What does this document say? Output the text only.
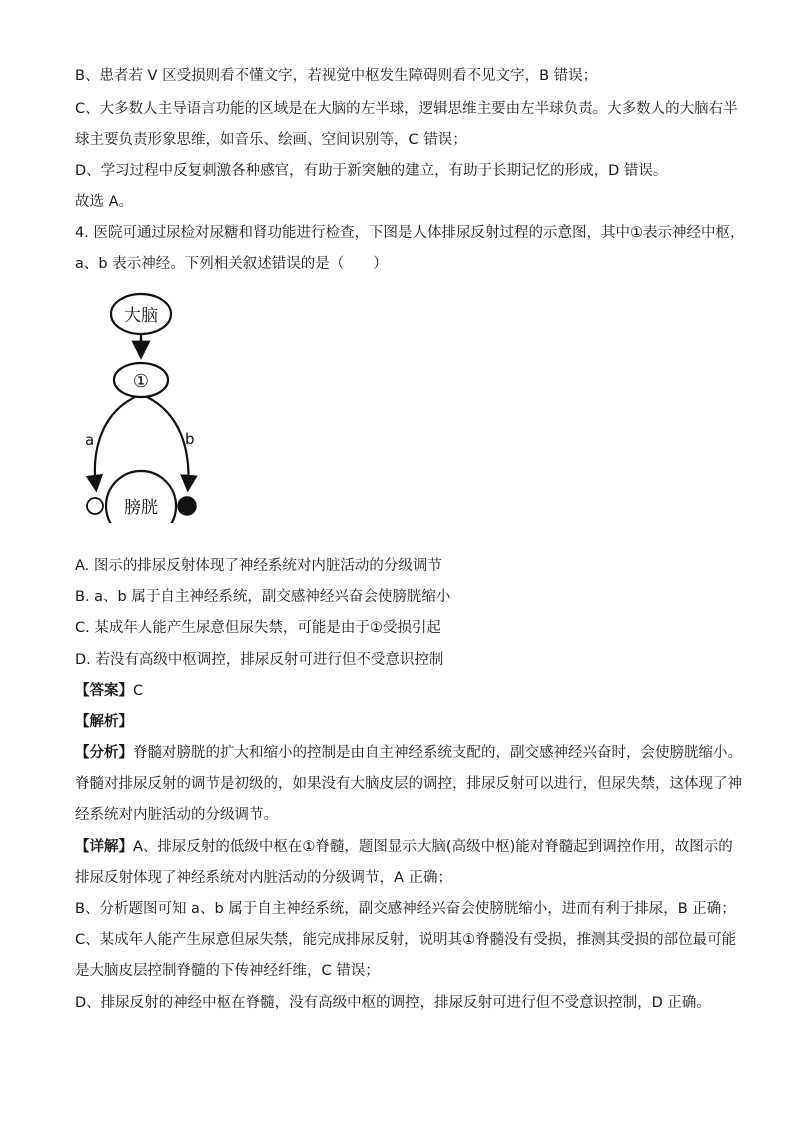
B、患者若 V 区受损则看不懂文字，若视觉中枢发生障碍则看不见文字，B 错误；
C、大多数人主导语言功能的区域是在大脑的左半球，逻辑思维主要由左半球负责。大多数人的大脑右半
球主要负责形象思维，如音乐、绘画、空间识别等，C 错误；
D、学习过程中反复刺激各种感官，有助于新突触的建立，有助于长期记忆的形成，D 错误。
故选 A。
4. 医院可通过尿检对尿糖和肾功能进行检查，下图是人体排尿反射过程的示意图，其中①表示神经中枢，
a、b 表示神经。下列相关叙述错误的是（　　）
大脑
①
a	b
膀胱
A. 图示的排尿反射体现了神经系统对内脏活动的分级调节
B. a、b 属于自主神经系统，副交感神经兴奋会使膀胱缩小
C. 某成年人能产生尿意但尿失禁，可能是由于①受损引起
D. 若没有高级中枢调控，排尿反射可进行但不受意识控制
【答案】C
【解析】
【分析】脊髓对膀胱的扩大和缩小的控制是由自主神经系统支配的，副交感神经兴奋时，会使膀胱缩小。
脊髓对排尿反射的调节是初级的，如果没有大脑皮层的调控，排尿反射可以进行，但尿失禁，这体现了神
经系统对内脏活动的分级调节。
【详解】A、排尿反射的低级中枢在①脊髓，题图显示大脑(高级中枢)能对脊髓起到调控作用，故图示的
排尿反射体现了神经系统对内脏活动的分级调节，A 正确；
B、分析题图可知 a、b 属于自主神经系统，副交感神经兴奋会使膀胱缩小，进而有利于排尿，B 正确；
C、某成年人能产生尿意但尿失禁，能完成排尿反射，说明其①脊髓没有受损，推测其受损的部位最可能
是大脑皮层控制脊髓的下传神经纤维，C 错误；
D、排尿反射的神经中枢在脊髓，没有高级中枢的调控，排尿反射可进行但不受意识控制，D 正确。
